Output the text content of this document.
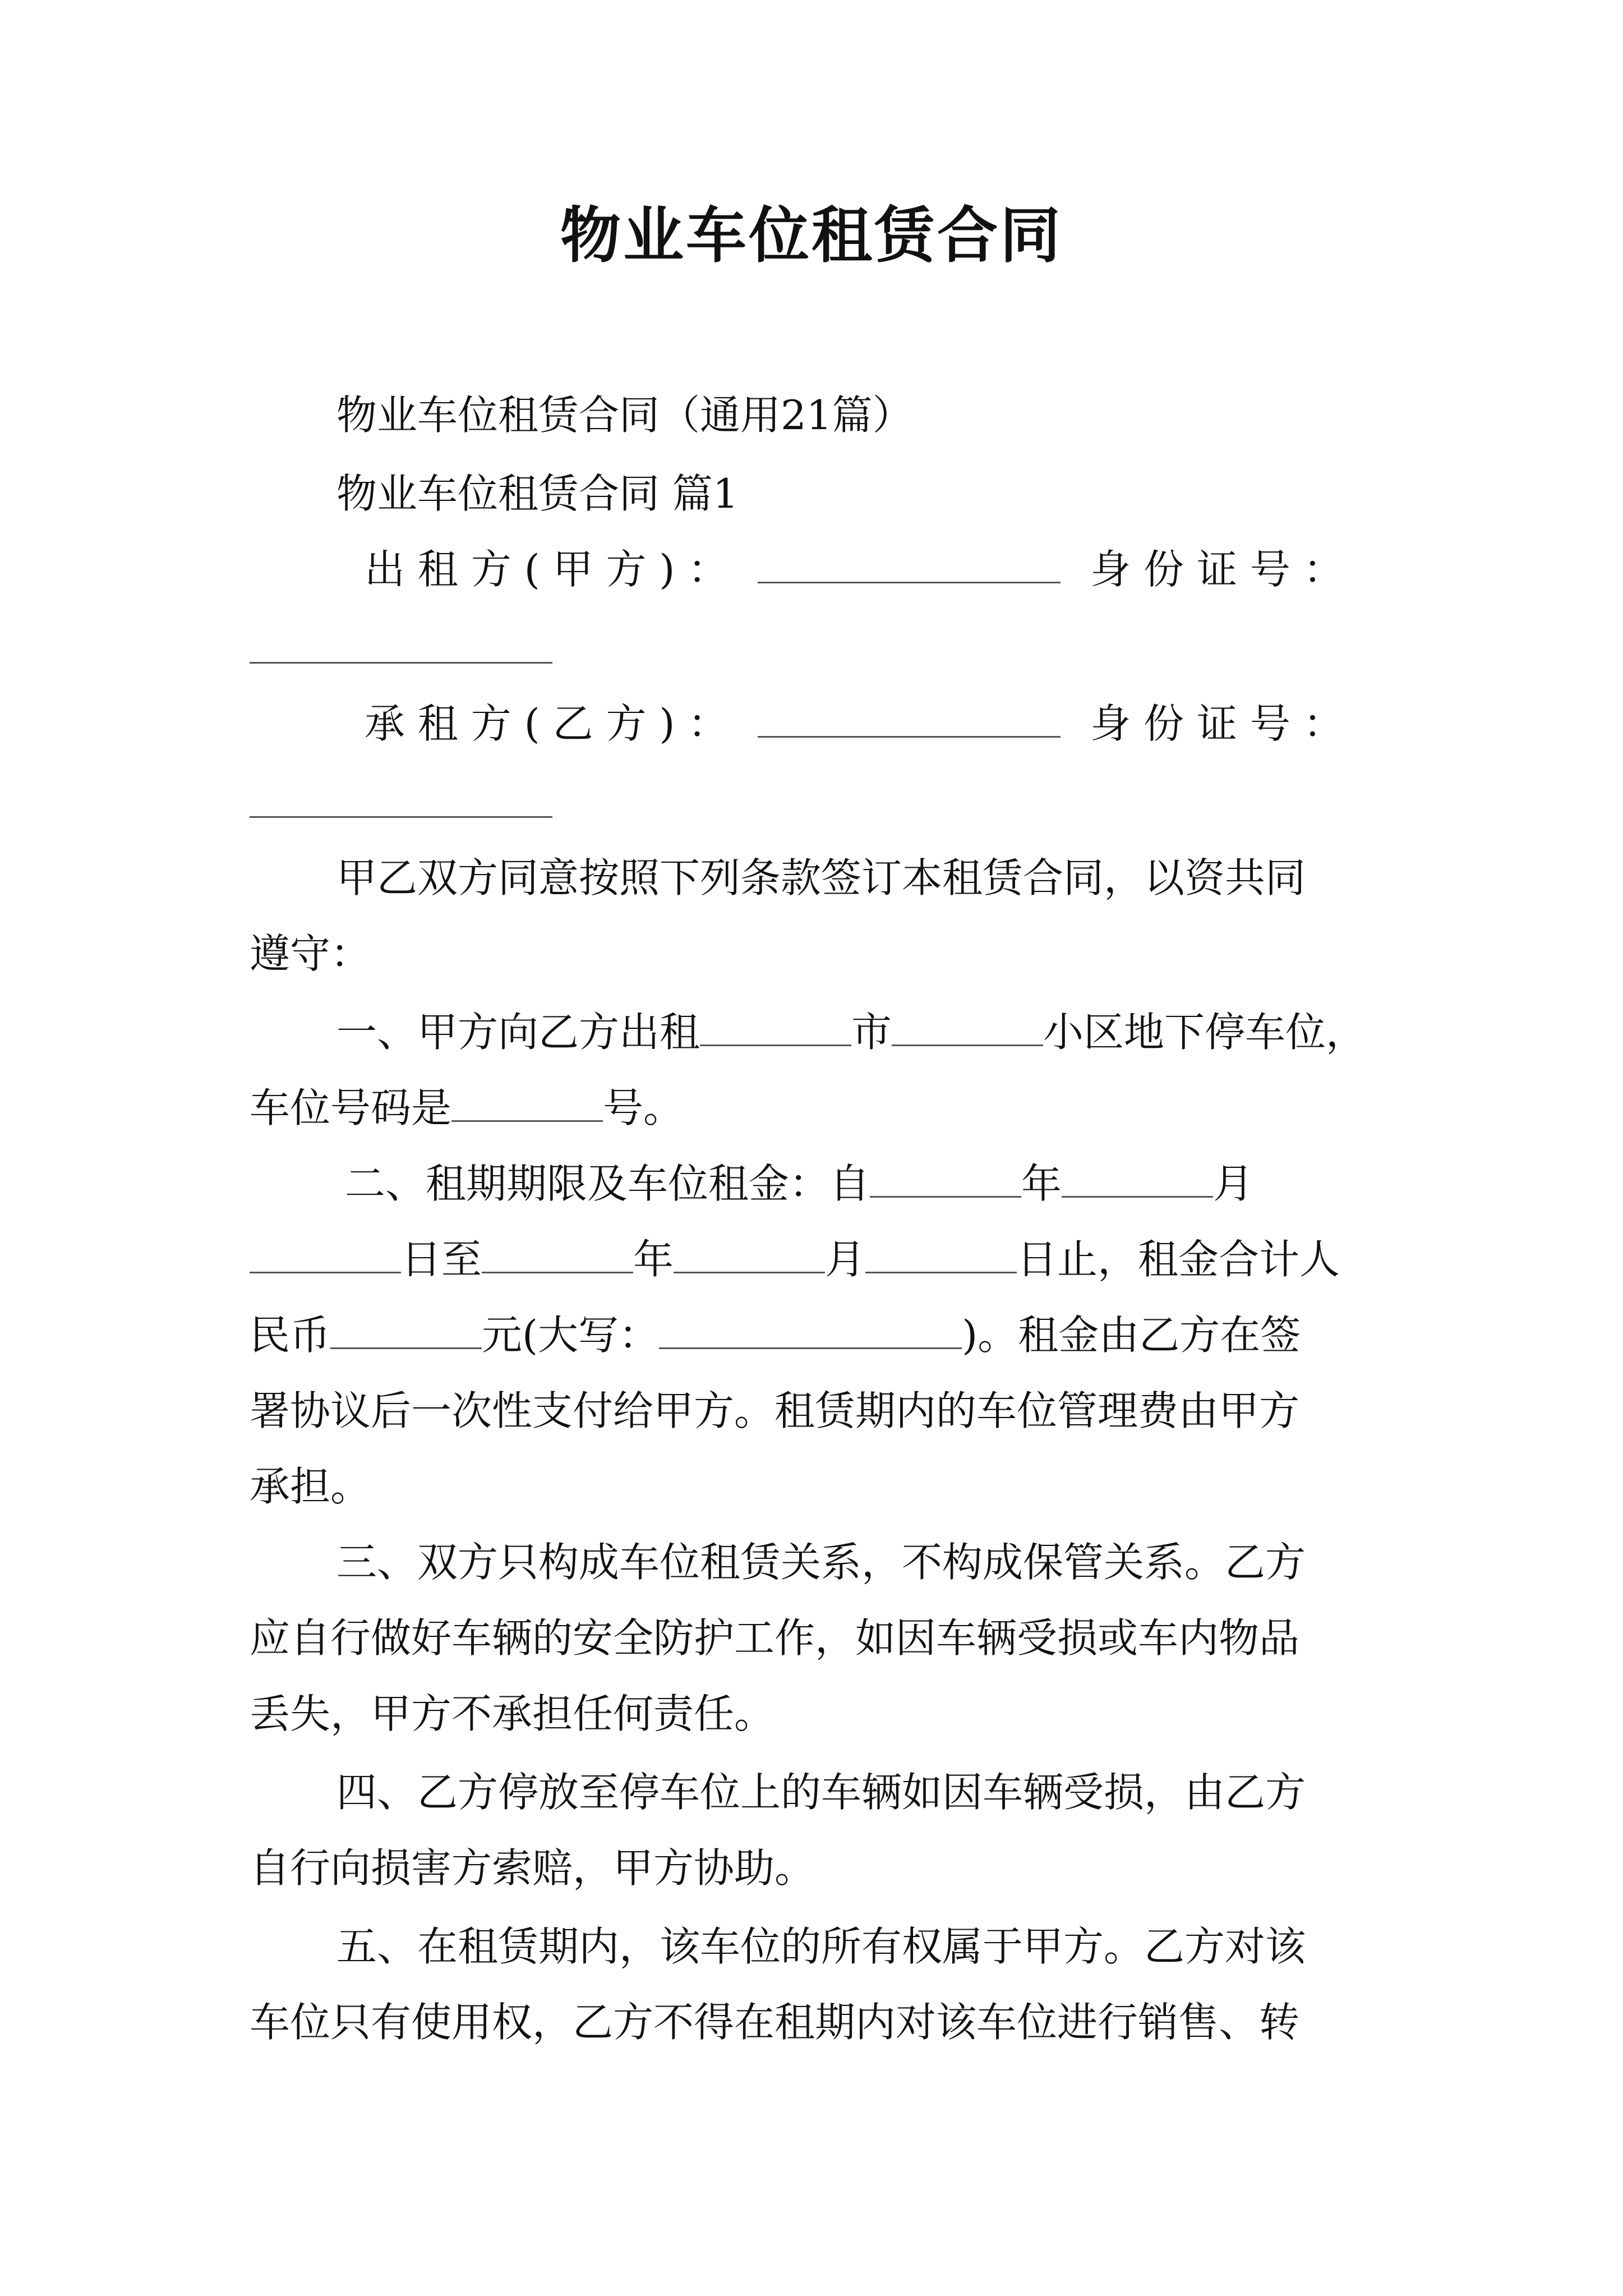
物业车位租赁合同
物业车位租赁合同（通用21篇）
物业车位租赁合同 篇1
出 租 方 ( 甲 方 ) ：	身 份 证 号 ：
承 租 方 ( 乙 方 ) ：	身 份 证 号 ：
甲乙双方同意按照下列条款签订本租赁合同，以资共同
遵守：
一、甲方向乙方出租	市	小区地下停车位，
车位号码是	号。
二、租期期限及车位租金：自	年	月
日至	年	月	日止，租金合计人
民币	元(大写：	)。租金由乙方在签
署协议后一次性支付给甲方。租赁期内的车位管理费由甲方
承担。
三、双方只构成车位租赁关系，不构成保管关系。乙方
应自行做好车辆的安全防护工作，如因车辆受损或车内物品
丢失，甲方不承担任何责任。
四、乙方停放至停车位上的车辆如因车辆受损，由乙方
自行向损害方索赔，甲方协助。
五、在租赁期内，该车位的所有权属于甲方。乙方对该
车位只有使用权，乙方不得在租期内对该车位进行销售、转
